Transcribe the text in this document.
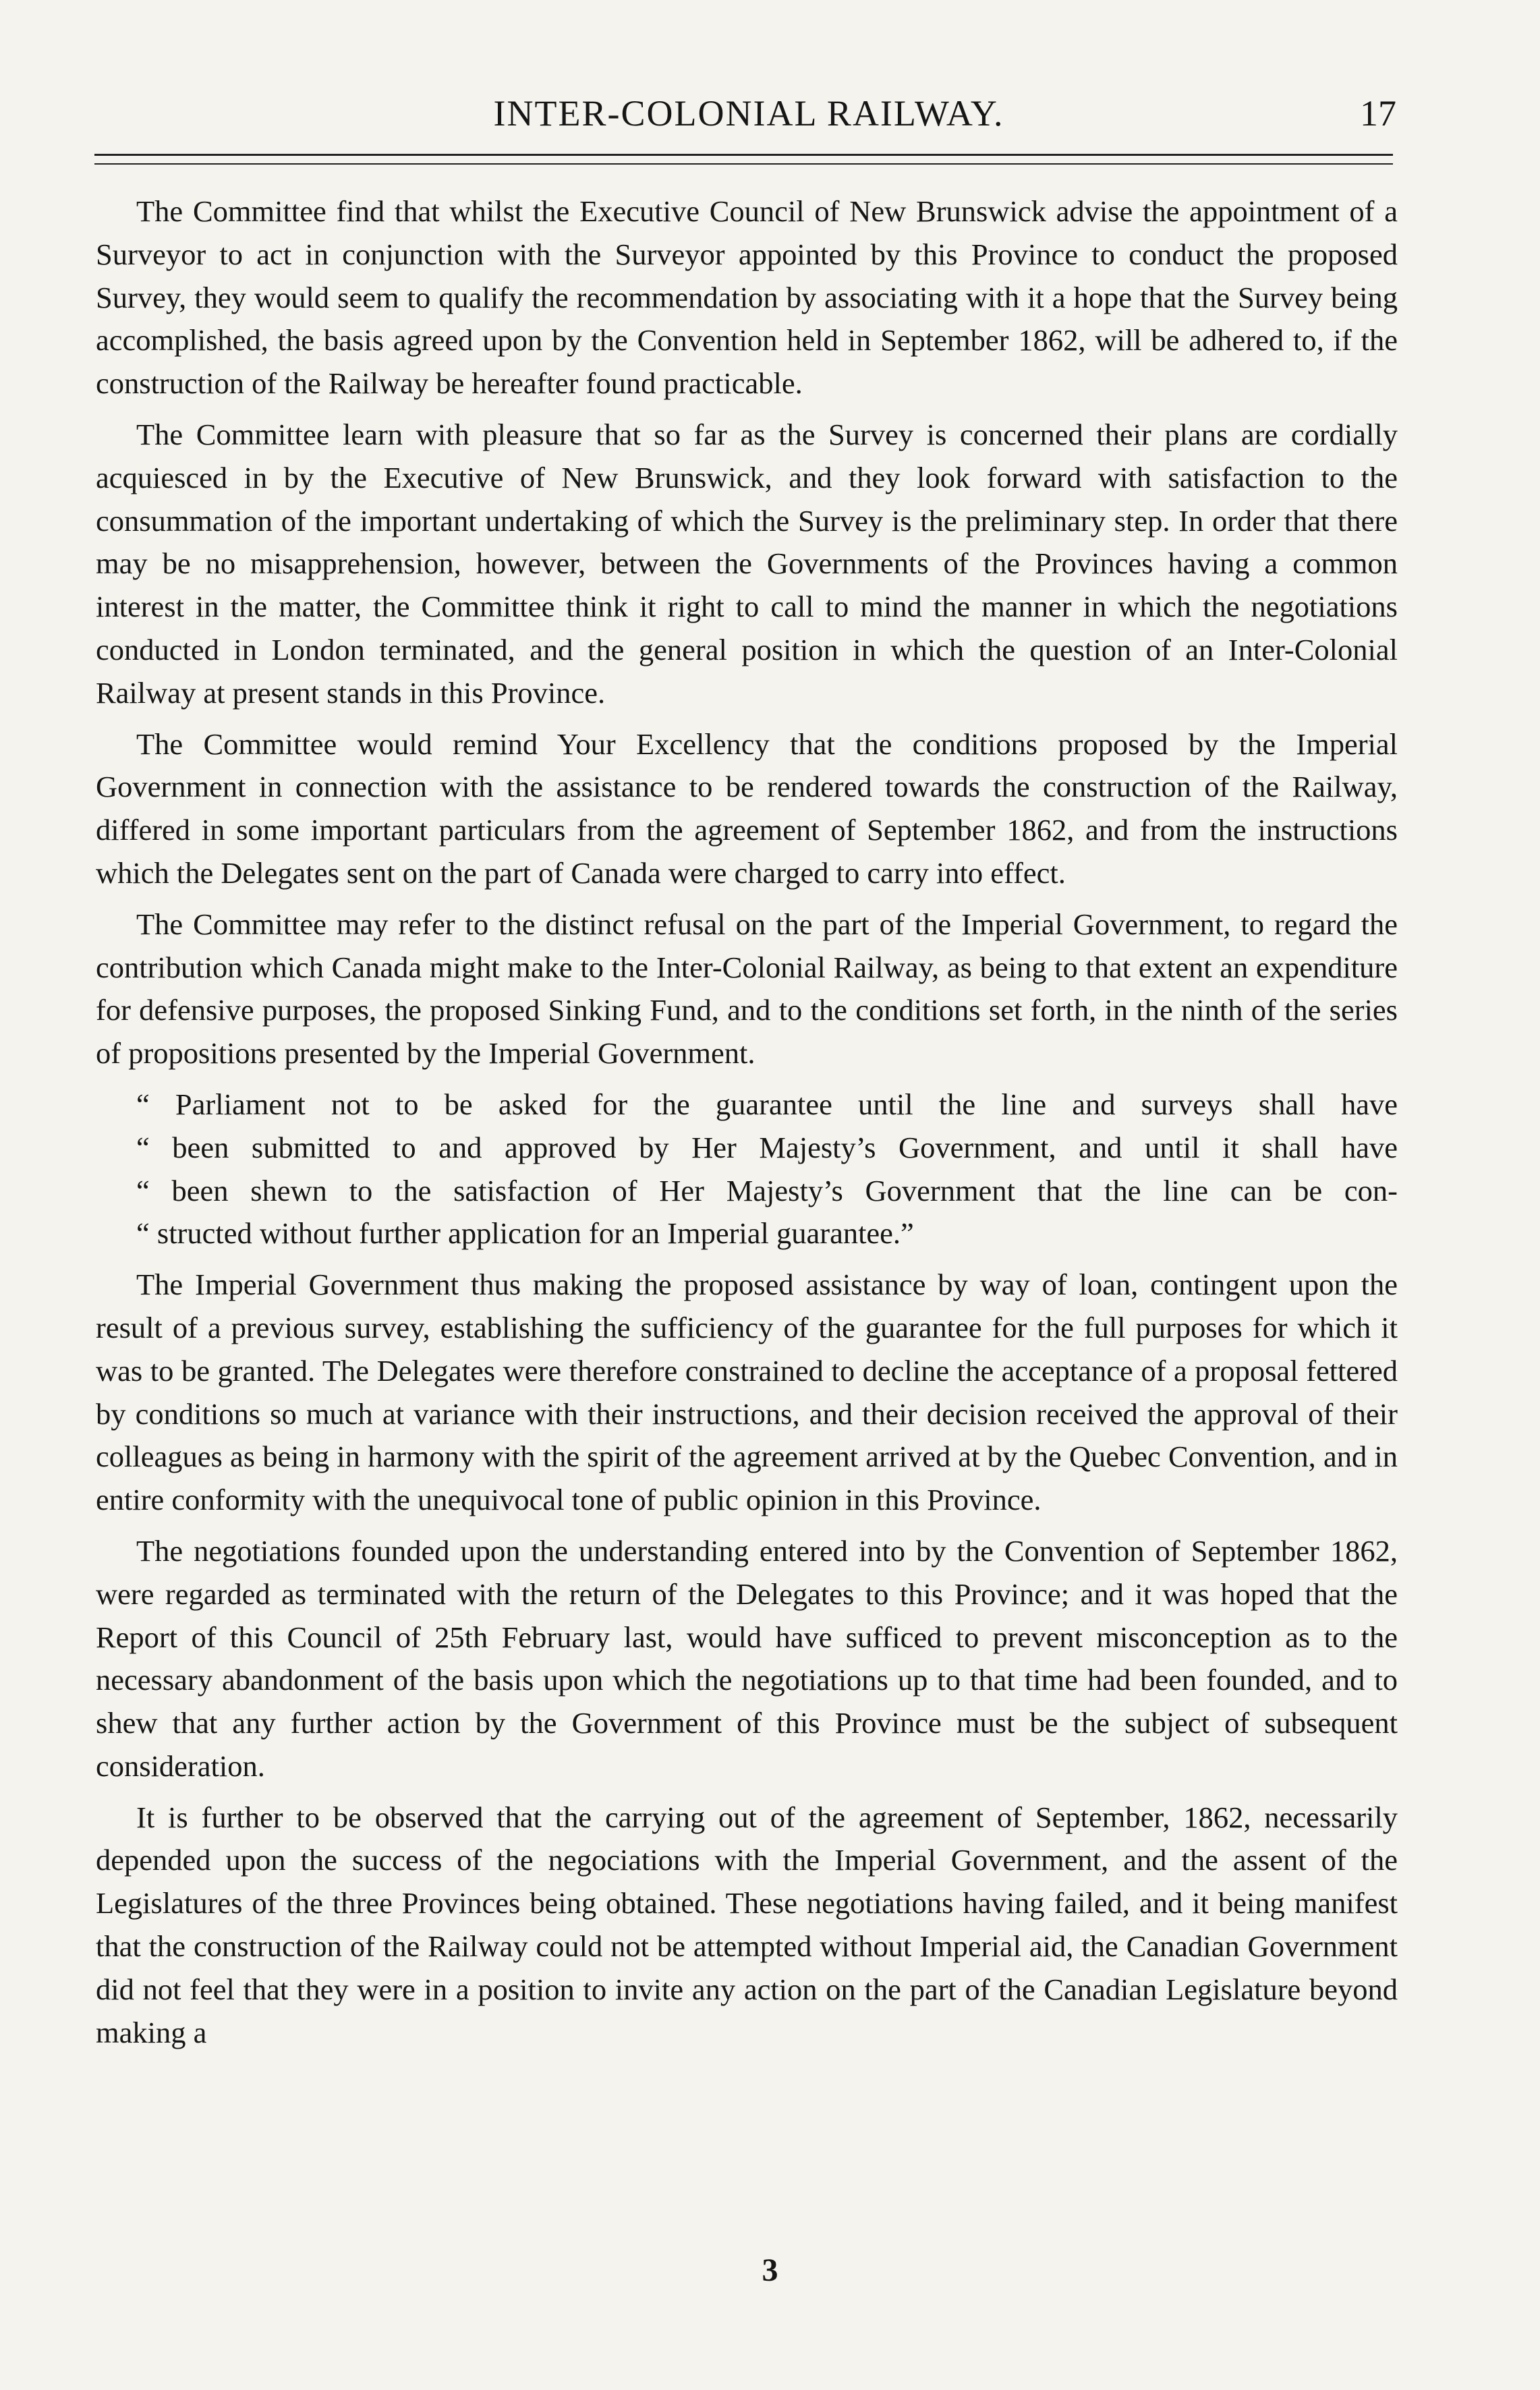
INTER-COLONIAL RAILWAY.	17

The Committee find that whilst the Executive Council of New Brunswick advise the appointment of a Surveyor to act in conjunction with the Surveyor appointed by this Province to conduct the proposed Survey, they would seem to qualify the recommendation by associating with it a hope that the Survey being accomplished, the basis agreed upon by the Convention held in September 1862, will be adhered to, if the construction of the Railway be hereafter found practicable.

The Committee learn with pleasure that so far as the Survey is concerned their plans are cordially acquiesced in by the Executive of New Brunswick, and they look forward with satisfaction to the consummation of the important undertaking of which the Survey is the preliminary step. In order that there may be no misapprehension, however, between the Governments of the Provinces having a common interest in the matter, the Committee think it right to call to mind the manner in which the negotiations conducted in London terminated, and the general position in which the question of an Inter-Colonial Railway at present stands in this Province.

The Committee would remind Your Excellency that the conditions proposed by the Imperial Government in connection with the assistance to be rendered towards the construction of the Railway, differed in some important particulars from the agreement of September 1862, and from the instructions which the Delegates sent on the part of Canada were charged to carry into effect.

The Committee may refer to the distinct refusal on the part of the Imperial Government, to regard the contribution which Canada might make to the Inter-Colonial Railway, as being to that extent an expenditure for defensive purposes, the proposed Sinking Fund, and to the conditions set forth, in the ninth of the series of propositions presented by the Imperial Government.

“ Parliament not to be asked for the guarantee until the line and surveys shall have
“ been submitted to and approved by Her Majesty’s Government, and until it shall have
“ been shewn to the satisfaction of Her Majesty’s Government that the line can be con-
“ structed without further application for an Imperial guarantee.”

The Imperial Government thus making the proposed assistance by way of loan, contingent upon the result of a previous survey, establishing the sufficiency of the guarantee for the full purposes for which it was to be granted. The Delegates were therefore constrained to decline the acceptance of a proposal fettered by conditions so much at variance with their instructions, and their decision received the approval of their colleagues as being in harmony with the spirit of the agreement arrived at by the Quebec Convention, and in entire conformity with the unequivocal tone of public opinion in this Province.

The negotiations founded upon the understanding entered into by the Convention of September 1862, were regarded as terminated with the return of the Delegates to this Province; and it was hoped that the Report of this Council of 25th February last, would have sufficed to prevent misconception as to the necessary abandonment of the basis upon which the negotiations up to that time had been founded, and to shew that any further action by the Government of this Province must be the subject of subsequent consideration.

It is further to be observed that the carrying out of the agreement of September, 1862, necessarily depended upon the success of the negociations with the Imperial Government, and the assent of the Legislatures of the three Provinces being obtained. These negotiations having failed, and it being manifest that the construction of the Railway could not be attempted without Imperial aid, the Canadian Government did not feel that they were in a position to invite any action on the part of the Canadian Legislature beyond making a

3
